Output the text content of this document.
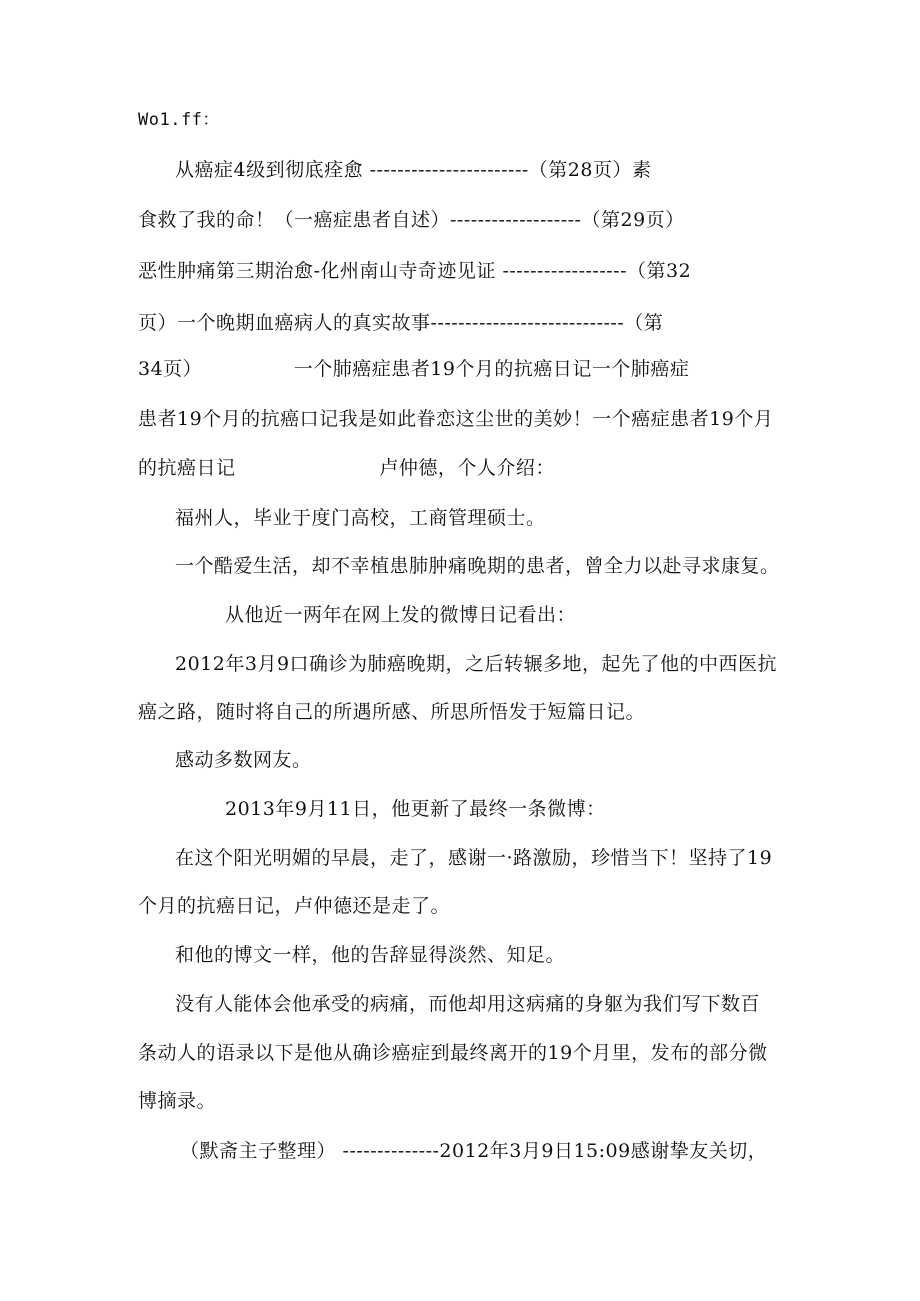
Wo1.ff：
从癌症4级到彻底痊愈 -----------------------（第28页）素
食救了我的命！（一癌症患者自述）-------------------（第29页）
恶性肿痛第三期治愈-化州南山寺奇迹见证 ------------------（第32
页）一个晚期血癌病人的真实故事----------------------------（第
34页）              一个肺癌症患者19个月的抗癌日记一个肺癌症
患者19个月的抗癌口记我是如此眷恋这尘世的美妙！一个癌症患者19个月
的抗癌日记                      卢仲德，个人介绍：
福州人，毕业于度门高校，工商管理硕士。
一个酷爱生活，却不幸植患肺肿痛晚期的患者，曾全力以赴寻求康复。
从他近一两年在网上发的微博日记看出：
2012年3月9口确诊为肺癌晚期，之后转辗多地，起先了他的中西医抗
癌之路，随时将自己的所遇所感、所思所悟发于短篇日记。
感动多数网友。
2013年9月11日，他更新了最终一条微博：
在这个阳光明媚的早晨，走了，感谢一·路激励，珍惜当下！坚持了19
个月的抗癌日记，卢仲德还是走了。
和他的博文一样，他的告辞显得淡然、知足。
没有人能体会他承受的病痛，而他却用这病痛的身躯为我们写下数百
条动人的语录以下是他从确诊癌症到最终离开的19个月里，发布的部分微
博摘录。
（默斋主子整理） --------------2012年3月9日15:09感谢挚友关切，
